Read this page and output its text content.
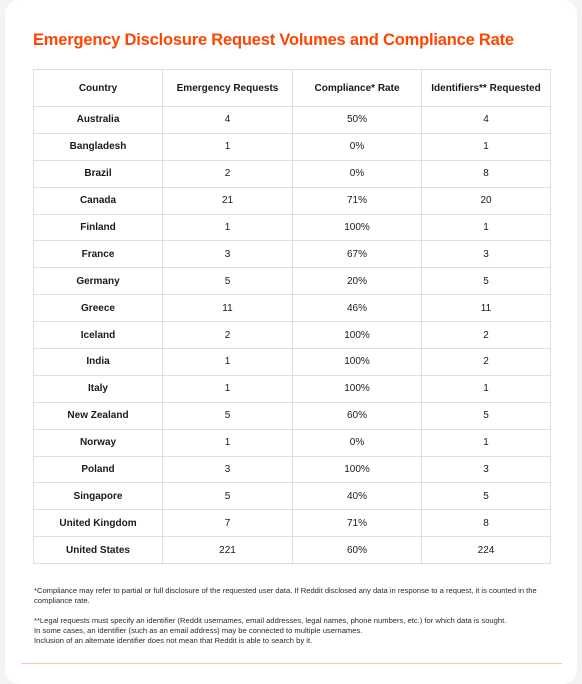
Emergency Disclosure Request Volumes and Compliance Rate
Country	Emergency Requests	Compliance* Rate	Identifiers** Requested
Australia	4	50%	4
Bangladesh	1	0%	1
Brazil	2	0%	8
Canada	21	71%	20
Finland	1	100%	1
France	3	67%	3
Germany	5	20%	5
Greece	11	46%	11
Iceland	2	100%	2
India	1	100%	2
Italy	1	100%	1
New Zealand	5	60%	5
Norway	1	0%	1
Poland	3	100%	3
Singapore	5	40%	5
United Kingdom	7	71%	8
United States	221	60%	224

*Compliance may refer to partial or full disclosure of the requested user data. If Reddit disclosed any data in response to a request, it is counted in the compliance rate.

**Legal requests must specify an identifier (Reddit usernames, email addresses, legal names, phone numbers, etc.) for which data is sought.
In some cases, an identifier (such as an email address) may be connected to multiple usernames.
Inclusion of an alternate identifier does not mean that Reddit is able to search by it.
